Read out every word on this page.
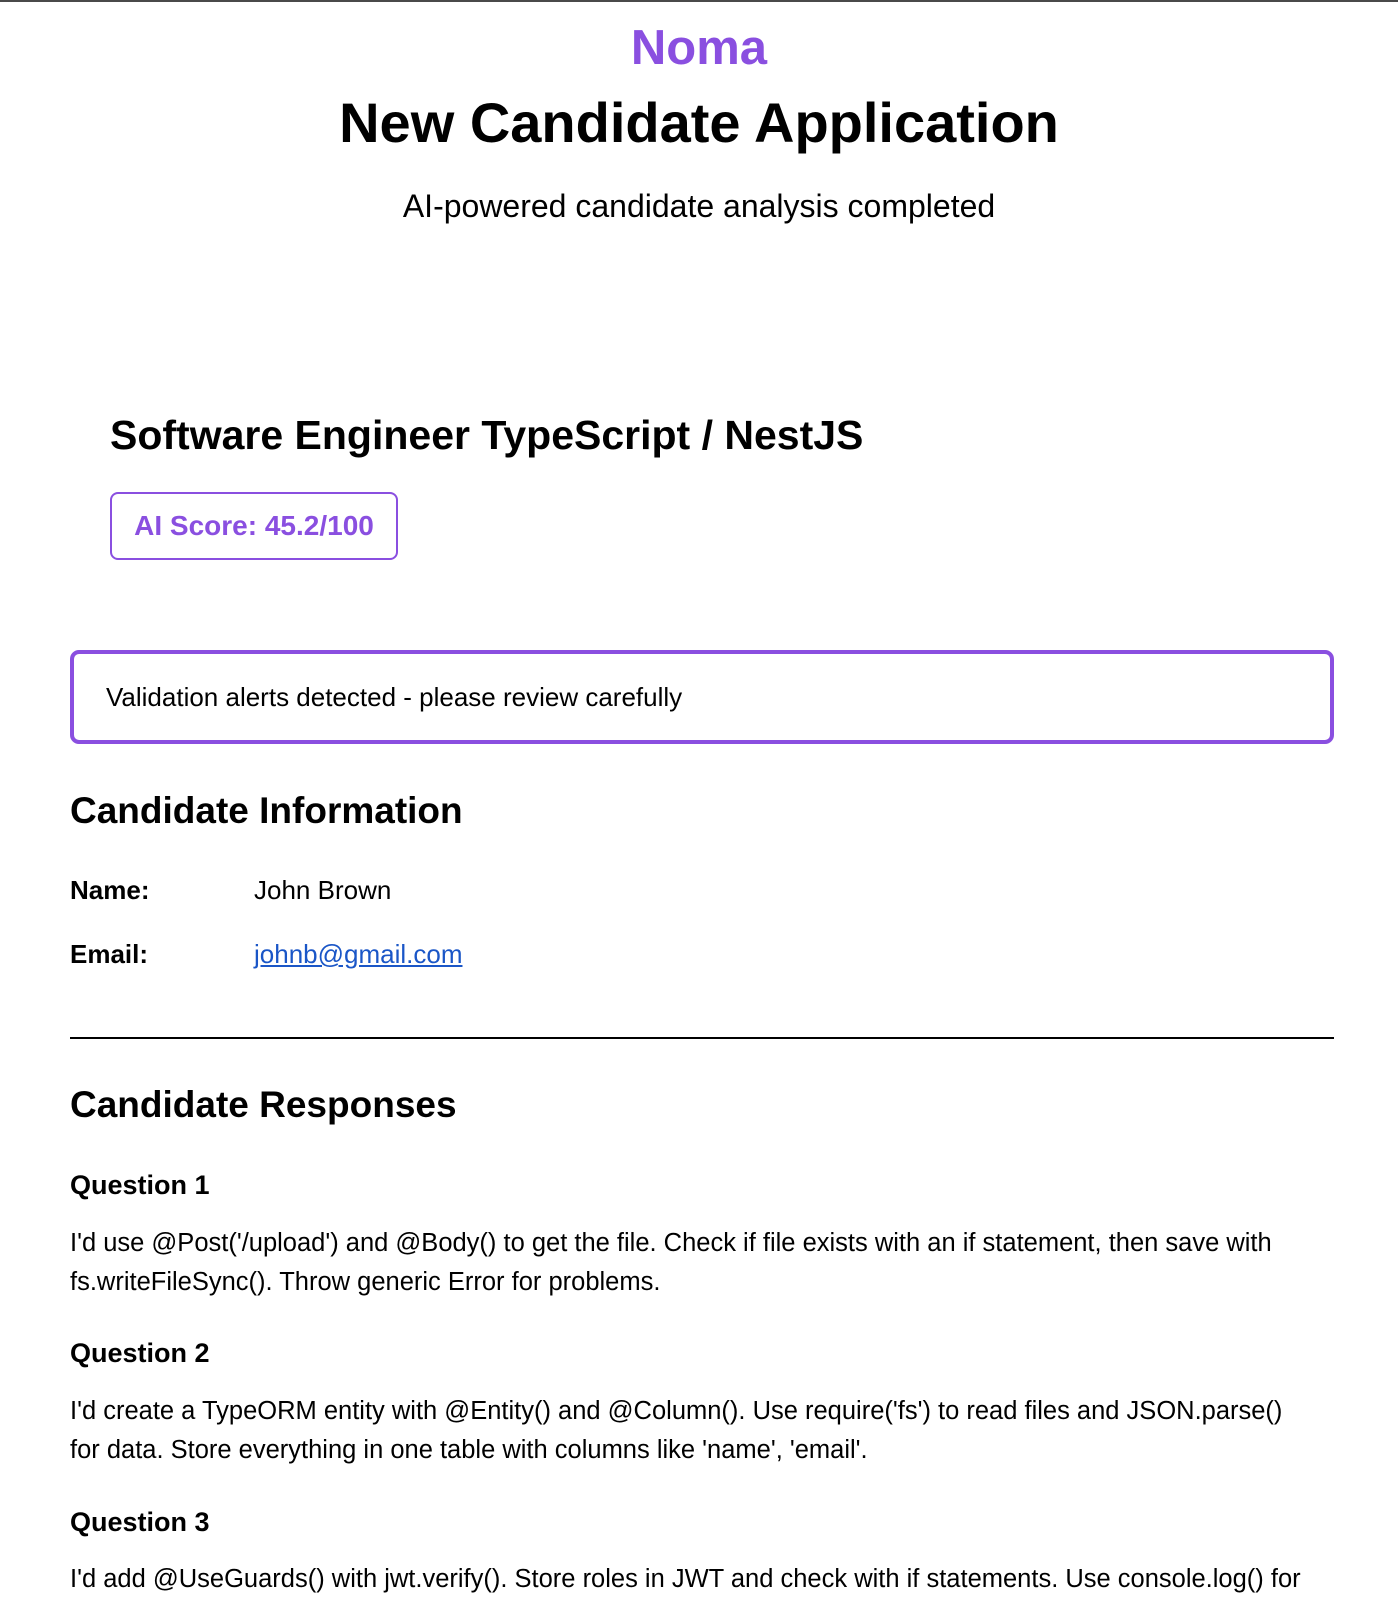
Noma

New Candidate Application

AI-powered candidate analysis completed

Software Engineer TypeScript / NestJS
AI Score: 45.2/100
Validation alerts detected - please review carefully
Candidate Information
Name:	John Brown
Email:	johnb@gmail.com
Candidate Responses
Question 1

I'd use @Post('/upload') and @Body() to get the file. Check if file exists with an if statement, then save with
fs.writeFileSync(). Throw generic Error for problems.

Question 2

I'd create a TypeORM entity with @Entity() and @Column(). Use require('fs') to read files and JSON.parse()
for data. Store everything in one table with columns like 'name', 'email'.

Question 3

I'd add @UseGuards() with jwt.verify(). Store roles in JWT and check with if statements. Use console.log() for
